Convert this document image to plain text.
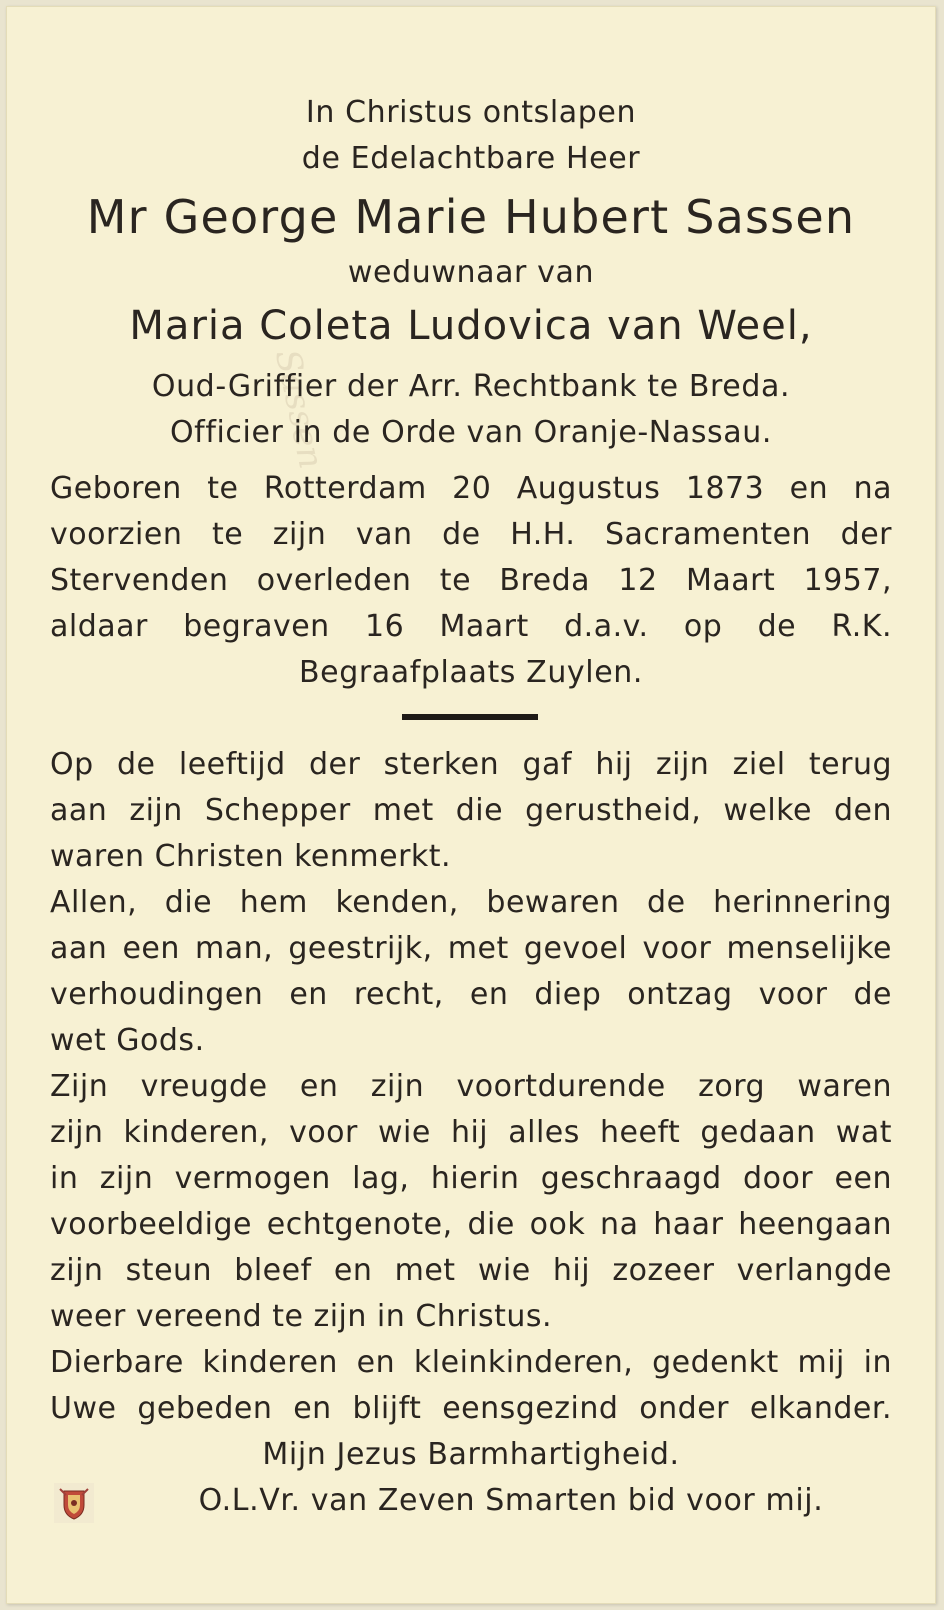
Sassen
In Christus ontslapen
de Edelachtbare Heer
Mr George Marie Hubert Sassen
weduwnaar van
Maria Coleta Ludovica van Weel,
Oud-Griffier der Arr. Rechtbank te Breda.
Officier in de Orde van Oranje-Nassau.
Geboren te Rotterdam 20 Augustus 1873 en na
voorzien te zijn van de H.H. Sacramenten der
Stervenden overleden te Breda 12 Maart 1957,
aldaar begraven 16 Maart d.a.v. op de R.K.
Begraafplaats Zuylen.
Op de leeftijd der sterken gaf hij zijn ziel terug
aan zijn Schepper met die gerustheid, welke den
waren Christen kenmerkt.
Allen, die hem kenden, bewaren de herinnering
aan een man, geestrijk, met gevoel voor menselijke
verhoudingen en recht, en diep ontzag voor de
wet Gods.
Zijn vreugde en zijn voortdurende zorg waren
zijn kinderen, voor wie hij alles heeft gedaan wat
in zijn vermogen lag, hierin geschraagd door een
voorbeeldige echtgenote, die ook na haar heengaan
zijn steun bleef en met wie hij zozeer verlangde
weer vereend te zijn in Christus.
Dierbare kinderen en kleinkinderen, gedenkt mij in
Uwe gebeden en blijft eensgezind onder elkander.
Mijn Jezus Barmhartigheid.
O.L.Vr. van Zeven Smarten bid voor mij.
